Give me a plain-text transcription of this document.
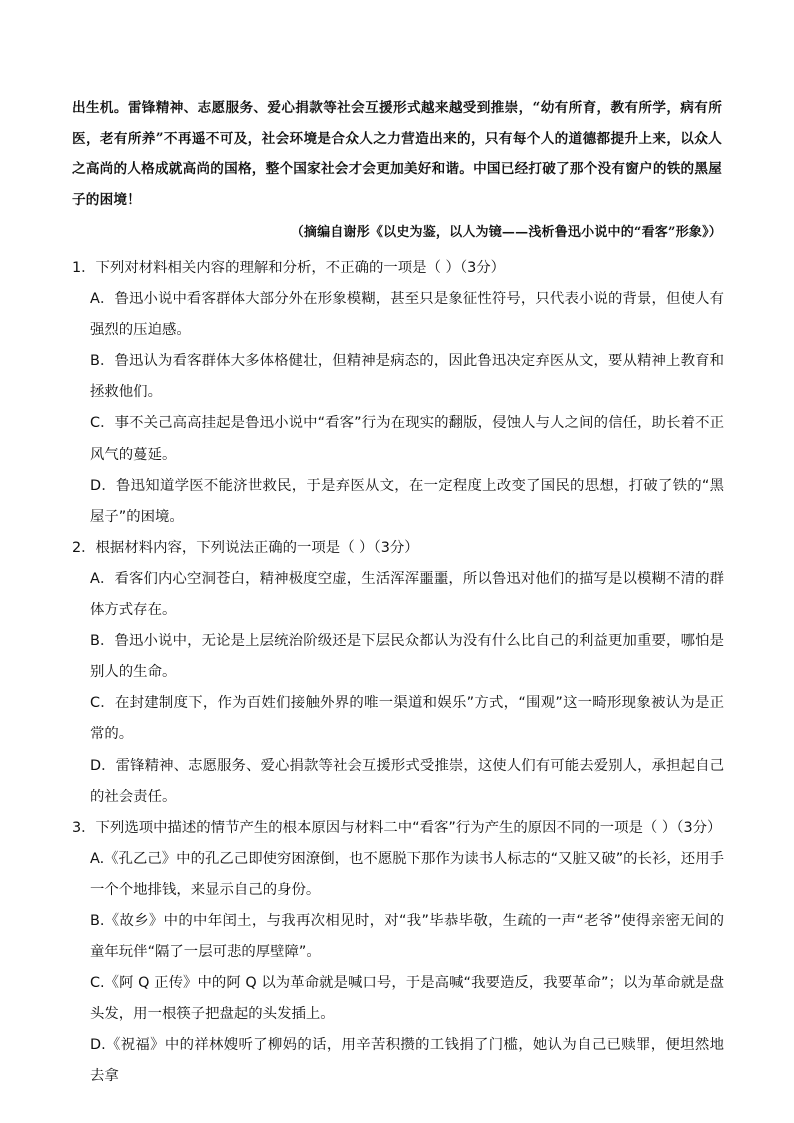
出生机。雷锋精神、志愿服务、爱心捐款等社会互援形式越来越受到推崇，“幼有所育，教有所学，病有所医，老有所养”不再遥不可及，社会环境是合众人之力营造出来的，只有每个人的道德都提升上来，以众人之高尚的人格成就高尚的国格，整个国家社会才会更加美好和谐。中国已经打破了那个没有窗户的铁的黑屋子的困境！

（摘编自谢彤《以史为鉴，以人为镜——浅析鲁迅小说中的“看客”形象》）

1．下列对材料相关内容的理解和分析，不正确的一项是（ ）（3分）

A．鲁迅小说中看客群体大部分外在形象模糊，甚至只是象征性符号，只代表小说的背景，但使人有强烈的压迫感。

B．鲁迅认为看客群体大多体格健壮，但精神是病态的，因此鲁迅决定弃医从文，要从精神上教育和拯救他们。

C．事不关己高高挂起是鲁迅小说中“看客”行为在现实的翻版，侵蚀人与人之间的信任，助长着不正风气的蔓延。

D．鲁迅知道学医不能济世救民，于是弃医从文，在一定程度上改变了国民的思想，打破了铁的“黑屋子”的困境。

2．根据材料内容，下列说法正确的一项是（ ）（3分）

A．看客们内心空洞苍白，精神极度空虚，生活浑浑噩噩，所以鲁迅对他们的描写是以模糊不清的群体方式存在。

B．鲁迅小说中，无论是上层统治阶级还是下层民众都认为没有什么比自己的利益更加重要，哪怕是别人的生命。

C．在封建制度下，作为百姓们接触外界的唯一渠道和娱乐”方式，“围观”这一畸形现象被认为是正常的。

D．雷锋精神、志愿服务、爱心捐款等社会互援形式受推崇，这使人们有可能去爱别人，承担起自己的社会责任。

3．下列选项中描述的情节产生的根本原因与材料二中“看客”行为产生的原因不同的一项是（ ）（3分）

A.《孔乙己》中的孔乙己即使穷困潦倒，也不愿脱下那作为读书人标志的“又脏又破”的长衫，还用手一个个地排钱，来显示自己的身份。

B.《故乡》中的中年闰土，与我再次相见时，对“我”毕恭毕敬，生疏的一声“老爷”使得亲密无间的童年玩伴“隔了一层可悲的厚壁障”。

C.《阿 Q 正传》中的阿 Q 以为革命就是喊口号，于是高喊“我要造反，我要革命”；以为革命就是盘头发，用一根筷子把盘起的头发插上。

D.《祝福》中的祥林嫂听了柳妈的话，用辛苦积攒的工钱捐了门槛，她认为自己已赎罪，便坦然地去拿
